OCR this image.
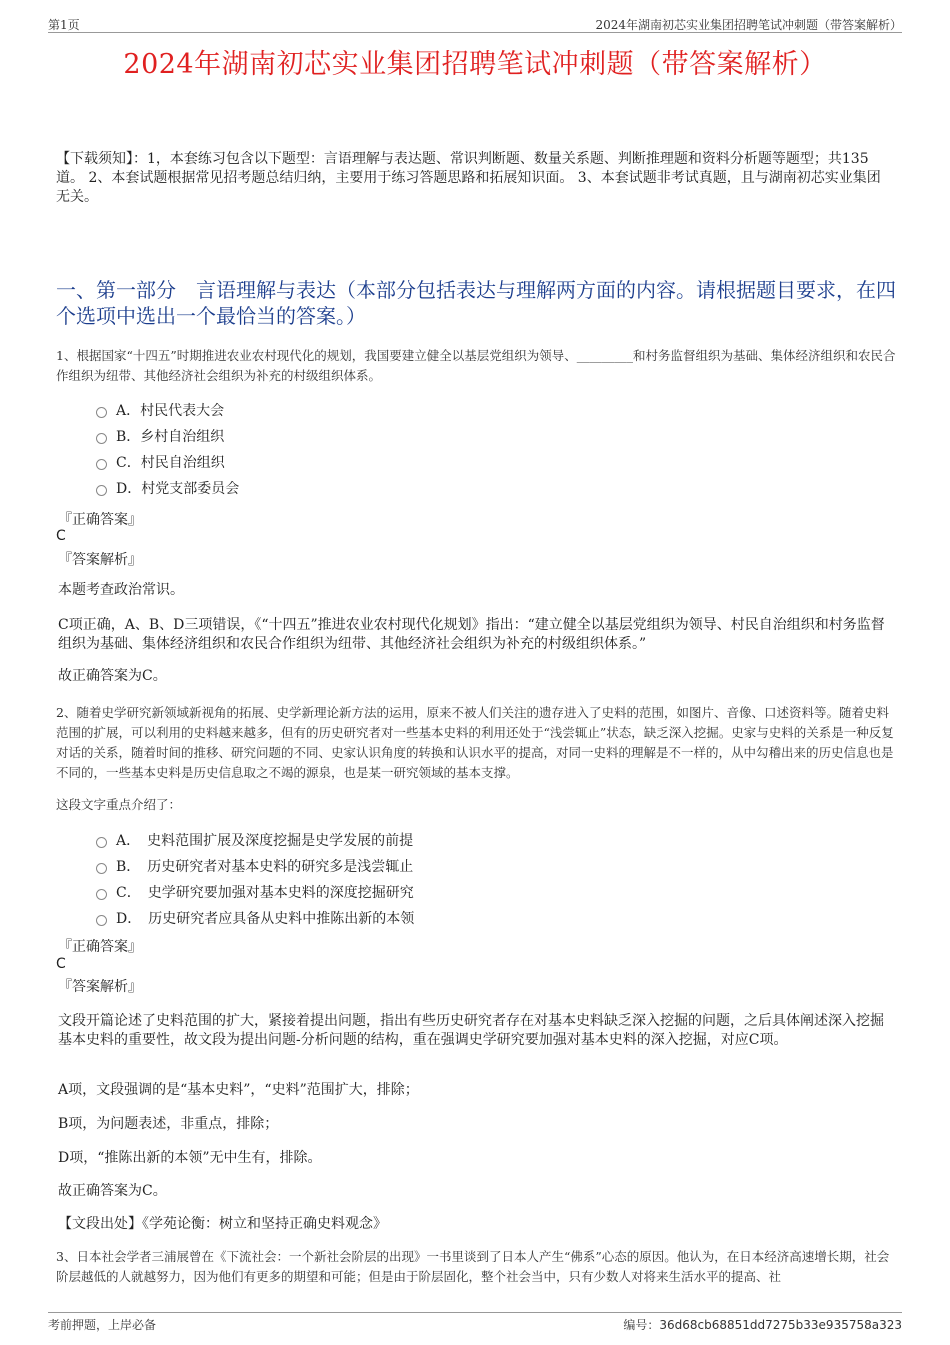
第1页	2024年湖南初芯实业集团招聘笔试冲刺题（带答案解析）
2024年湖南初芯实业集团招聘笔试冲刺题（带答案解析）
【下载须知】：1，本套练习包含以下题型：言语理解与表达题、常识判断题、数量关系题、判断推理题和资料分析题等题型；共135道。 2、本套试题根据常见招考题总结归纳，主要用于练习答题思路和拓展知识面。 3、本套试题非考试真题，且与湖南初芯实业集团无关。
一、第一部分　言语理解与表达（本部分包括表达与理解两方面的内容。请根据题目要求，在四个选项中选出一个最恰当的答案。）
1、根据国家“十四五”时期推进农业农村现代化的规划，我国要建立健全以基层党组织为领导、_________和村务监督组织为基础、集体经济组织和农民合作组织为纽带、其他经济社会组织为补充的村级组织体系。
A．村民代表大会
B．乡村自治组织
C．村民自治组织
D．村党支部委员会
『正确答案』
C
『答案解析』
本题考查政治常识。
C项正确，A、B、D三项错误，《“十四五”推进农业农村现代化规划》指出：“建立健全以基层党组织为领导、村民自治组织和村务监督组织为基础、集体经济组织和农民合作组织为纽带、其他经济社会组织为补充的村级组织体系。”
故正确答案为C。
2、随着史学研究新领域新视角的拓展、史学新理论新方法的运用，原来不被人们关注的遗存进入了史料的范围，如图片、音像、口述资料等。随着史料范围的扩展，可以利用的史料越来越多，但有的历史研究者对一些基本史料的利用还处于“浅尝辄止”状态，缺乏深入挖掘。史家与史料的关系是一种反复对话的关系，随着时间的推移、研究问题的不同、史家认识角度的转换和认识水平的提高，对同一史料的理解是不一样的，从中勾稽出来的历史信息也是不同的，一些基本史料是历史信息取之不竭的源泉，也是某一研究领域的基本支撑。
这段文字重点介绍了：
A．　史料范围扩展及深度挖掘是史学发展的前提
B．　历史研究者对基本史料的研究多是浅尝辄止
C．　史学研究要加强对基本史料的深度挖掘研究
D．　历史研究者应具备从史料中推陈出新的本领
『正确答案』
C
『答案解析』
文段开篇论述了史料范围的扩大，紧接着提出问题，指出有些历史研究者存在对基本史料缺乏深入挖掘的问题，之后具体阐述深入挖掘基本史料的重要性，故文段为提出问题-分析问题的结构，重在强调史学研究要加强对基本史料的深入挖掘，对应C项。
A项，文段强调的是“基本史料”，“史料”范围扩大，排除；
B项，为问题表述，非重点，排除；
D项，“推陈出新的本领”无中生有，排除。
故正确答案为C。
【文段出处】《学苑论衡：树立和坚持正确史料观念》
3、日本社会学者三浦展曾在《下流社会：一个新社会阶层的出现》一书里谈到了日本人产生“佛系”心态的原因。他认为，在日本经济高速增长期，社会阶层越低的人就越努力，因为他们有更多的期望和可能；但是由于阶层固化，整个社会当中，只有少数人对将来生活水平的提高、社
考前押题，上岸必备	编号：36d68cb68851dd7275b33e935758a323
